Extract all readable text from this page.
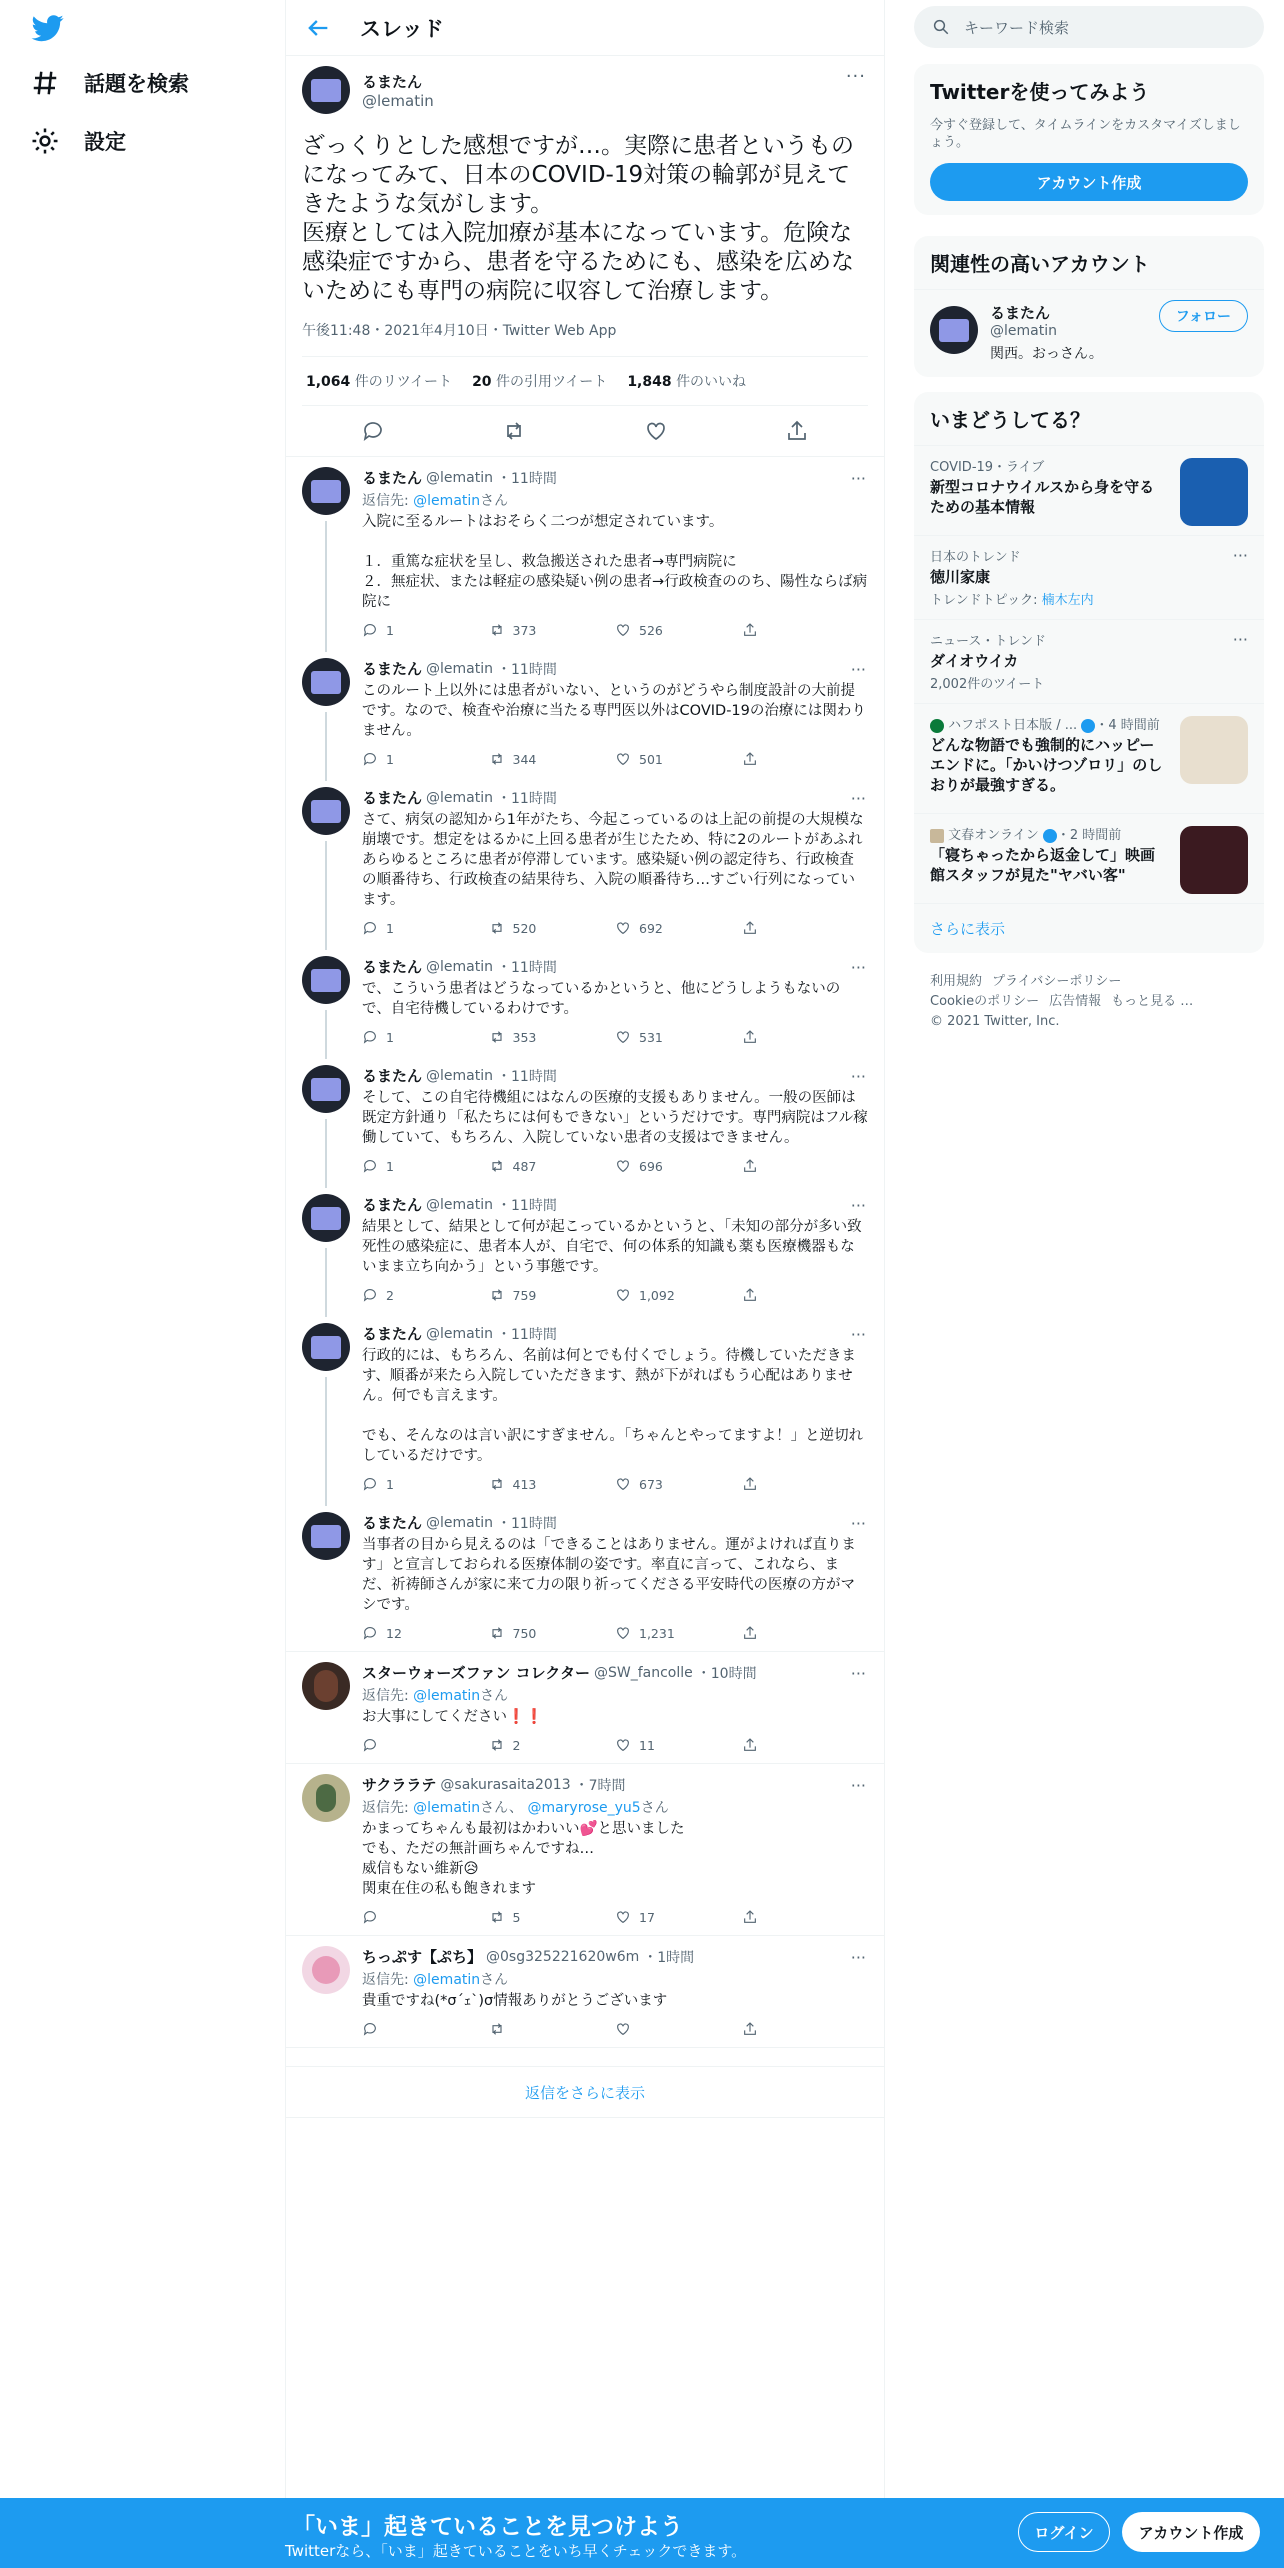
話題を検索
設定
スレッド
るまたん
@lematin
···
ざっくりとした感想ですが…。実際に患者というものになってみて、日本のCOVID-19対策の輪郭が見えてきたような気がします。
医療としては入院加療が基本になっています。危険な感染症ですから、患者を守るためにも、感染を広めないためにも専門の病院に収容して治療します。
午後11:48・2021年4月10日・Twitter Web App
1,064 件のリツイート 20 件の引用ツイート 1,848 件のいいね
るまたん @lematin ・11時間
返信先: @lematinさん
入院に至るルートはおそらく二つが想定されています。

１．重篤な症状を呈し、救急搬送された患者→専門病院に
２．無症状、または軽症の感染疑い例の患者→行政検査ののち、陽性ならば病院に
1	373	526
···
るまたん @lematin ・11時間
このルート上以外には患者がいない、というのがどうやら制度設計の大前提です。なので、検査や治療に当たる専門医以外はCOVID-19の治療には関わりません。
1	344	501
···
るまたん @lematin ・11時間
さて、病気の認知から1年がたち、今起こっているのは上記の前提の大規模な崩壊です。想定をはるかに上回る患者が生じたため、特に2のルートがあふれあらゆるところに患者が停滞しています。感染疑い例の認定待ち、行政検査の順番待ち、行政検査の結果待ち、入院の順番待ち…すごい行列になっています。
1	520	692
···
るまたん @lematin ・11時間
で、こういう患者はどうなっているかというと、他にどうしようもないので、自宅待機しているわけです。
1	353	531
···
るまたん @lematin ・11時間
そして、この自宅待機組にはなんの医療的支援もありません。一般の医師は既定方針通り「私たちには何もできない」というだけです。専門病院はフル稼働していて、もちろん、入院していない患者の支援はできません。
1	487	696
···
るまたん @lematin ・11時間
結果として、結果として何が起こっているかというと、「未知の部分が多い致死性の感染症に、患者本人が、自宅で、何の体系的知識も薬も医療機器もないまま立ち向かう」という事態です。
2	759	1,092
···
るまたん @lematin ・11時間
行政的には、もちろん、名前は何とでも付くでしょう。待機していただきます、順番が来たら入院していただきます、熱が下がればもう心配はありません。何でも言えます。

でも、そんなのは言い訳にすぎません。「ちゃんとやってますよ！」と逆切れしているだけです。
1	413	673
···
るまたん @lematin ・11時間
当事者の目から見えるのは「できることはありません。運がよければ直ります」と宣言しておられる医療体制の姿です。率直に言って、これなら、まだ、祈祷師さんが家に来て力の限り祈ってくださる平安時代の医療の方がマシです。
12	750	1,231
···
スターウォーズファン コレクター @SW_fancolle ・10時間
返信先: @lematinさん
お大事にしてください❗❗
2	11
···
サクララテ @sakurasaita2013 ・7時間
返信先: @lematinさん、 @maryrose_yu5さん
かまってちゃんも最初はかわいい💕と思いました
でも、ただの無計画ちゃんですね…
威信もない維新😥
関東在住の私も飽きれます
5	17
···
ちっぷす【ぷち】 @0sg325221620w6m ・1時間
返信先: @lematinさん
貴重ですね(*σ´ｪ`)σ情報ありがとうございます
···
返信をさらに表示
キーワード検索
Twitterを使ってみよう
今すぐ登録して、タイムラインをカスタマイズしましょう。
アカウント作成
関連性の高いアカウント
るまたん
@lematin
関西。おっさん。
フォロー
いまどうしてる？
COVID-19・ライブ
新型コロナウイルスから身を守るための基本情報
日本のトレンド
徳川家康
トレンドトピック: 楠木左内
···
ニュース・トレンド
ダイオウイカ
2,002件のツイート
···
ハフポスト日本版 / ... ・4 時間前
どんな物語でも強制的にハッピーエンドに。「かいけつゾロリ」のしおりが最強すぎる。
文春オンライン ・2 時間前
「寝ちゃったから返金して」映画館スタッフが見た"ヤバい客"
さらに表示
利用規約 プライバシーポリシー
Cookieのポリシー 広告情報 もっと見る …
© 2021 Twitter, Inc.
「いま」起きていることを見つけよう
Twitterなら、「いま」起きていることをいち早くチェックできます。
ログイン	アカウント作成
